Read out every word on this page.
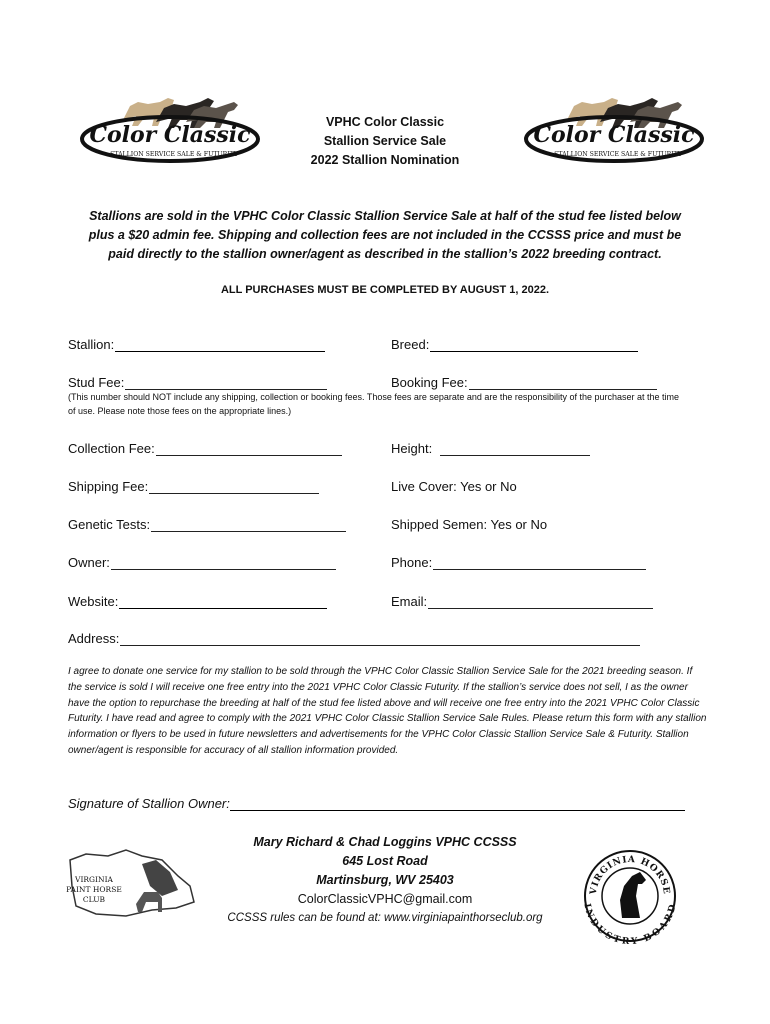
Color Classic
STALLION SERVICE SALE & FUTURITY
VPHC Color Classic
Stallion Service Sale
2022 Stallion Nomination
Color Classic
STALLION SERVICE SALE & FUTURITY
Stallions are sold in the VPHC Color Classic Stallion Service Sale at half of the stud fee listed below
plus a $20 admin fee. Shipping and collection fees are not included in the CCSSS price and must be
paid directly to the stallion owner/agent as described in the stallion’s 2022 breeding contract.
ALL PURCHASES MUST BE COMPLETED BY AUGUST 1, 2022.
Stallion:	Breed:
Stud Fee:	Booking Fee:
(This number should NOT include any shipping, collection or booking fees. Those fees are separate and are the responsibility of the purchaser at the time of use. Please note those fees on the appropriate lines.)
Collection Fee:	Height:
Shipping Fee:	Live Cover: Yes or No
Genetic Tests:	Shipped Semen: Yes or No
Owner:	Phone:
Website:	Email:
Address:
I agree to donate one service for my stallion to be sold through the VPHC Color Classic Stallion Service Sale for the 2021 breeding season. If the service is sold I will receive one free entry into the 2021 VPHC Color Classic Futurity. If the stallion’s service does not sell, I as the owner have the option to repurchase the breeding at half of the stud fee listed above and will receive one free entry into the 2021 VPHC Color Classic Futurity. I have read and agree to comply with the 2021 VPHC Color Classic Stallion Service Sale Rules. Please return this form with any stallion information or flyers to be used in future newsletters and advertisements for the VPHC Color Classic Stallion Service Sale & Futurity. Stallion owner/agent is responsible for accuracy of all stallion information provided.
Signature of Stallion Owner:
VIRGINIA
PAINT HORSE
CLUB
Mary Richard & Chad Loggins VPHC CCSSS
645 Lost Road
Martinsburg, WV 25403
ColorClassicVPHC@gmail.com
CCSSS rules can be found at: www.virginiapainthorseclub.org
VIRGINIA HORSE
INDUSTRY BOARD
